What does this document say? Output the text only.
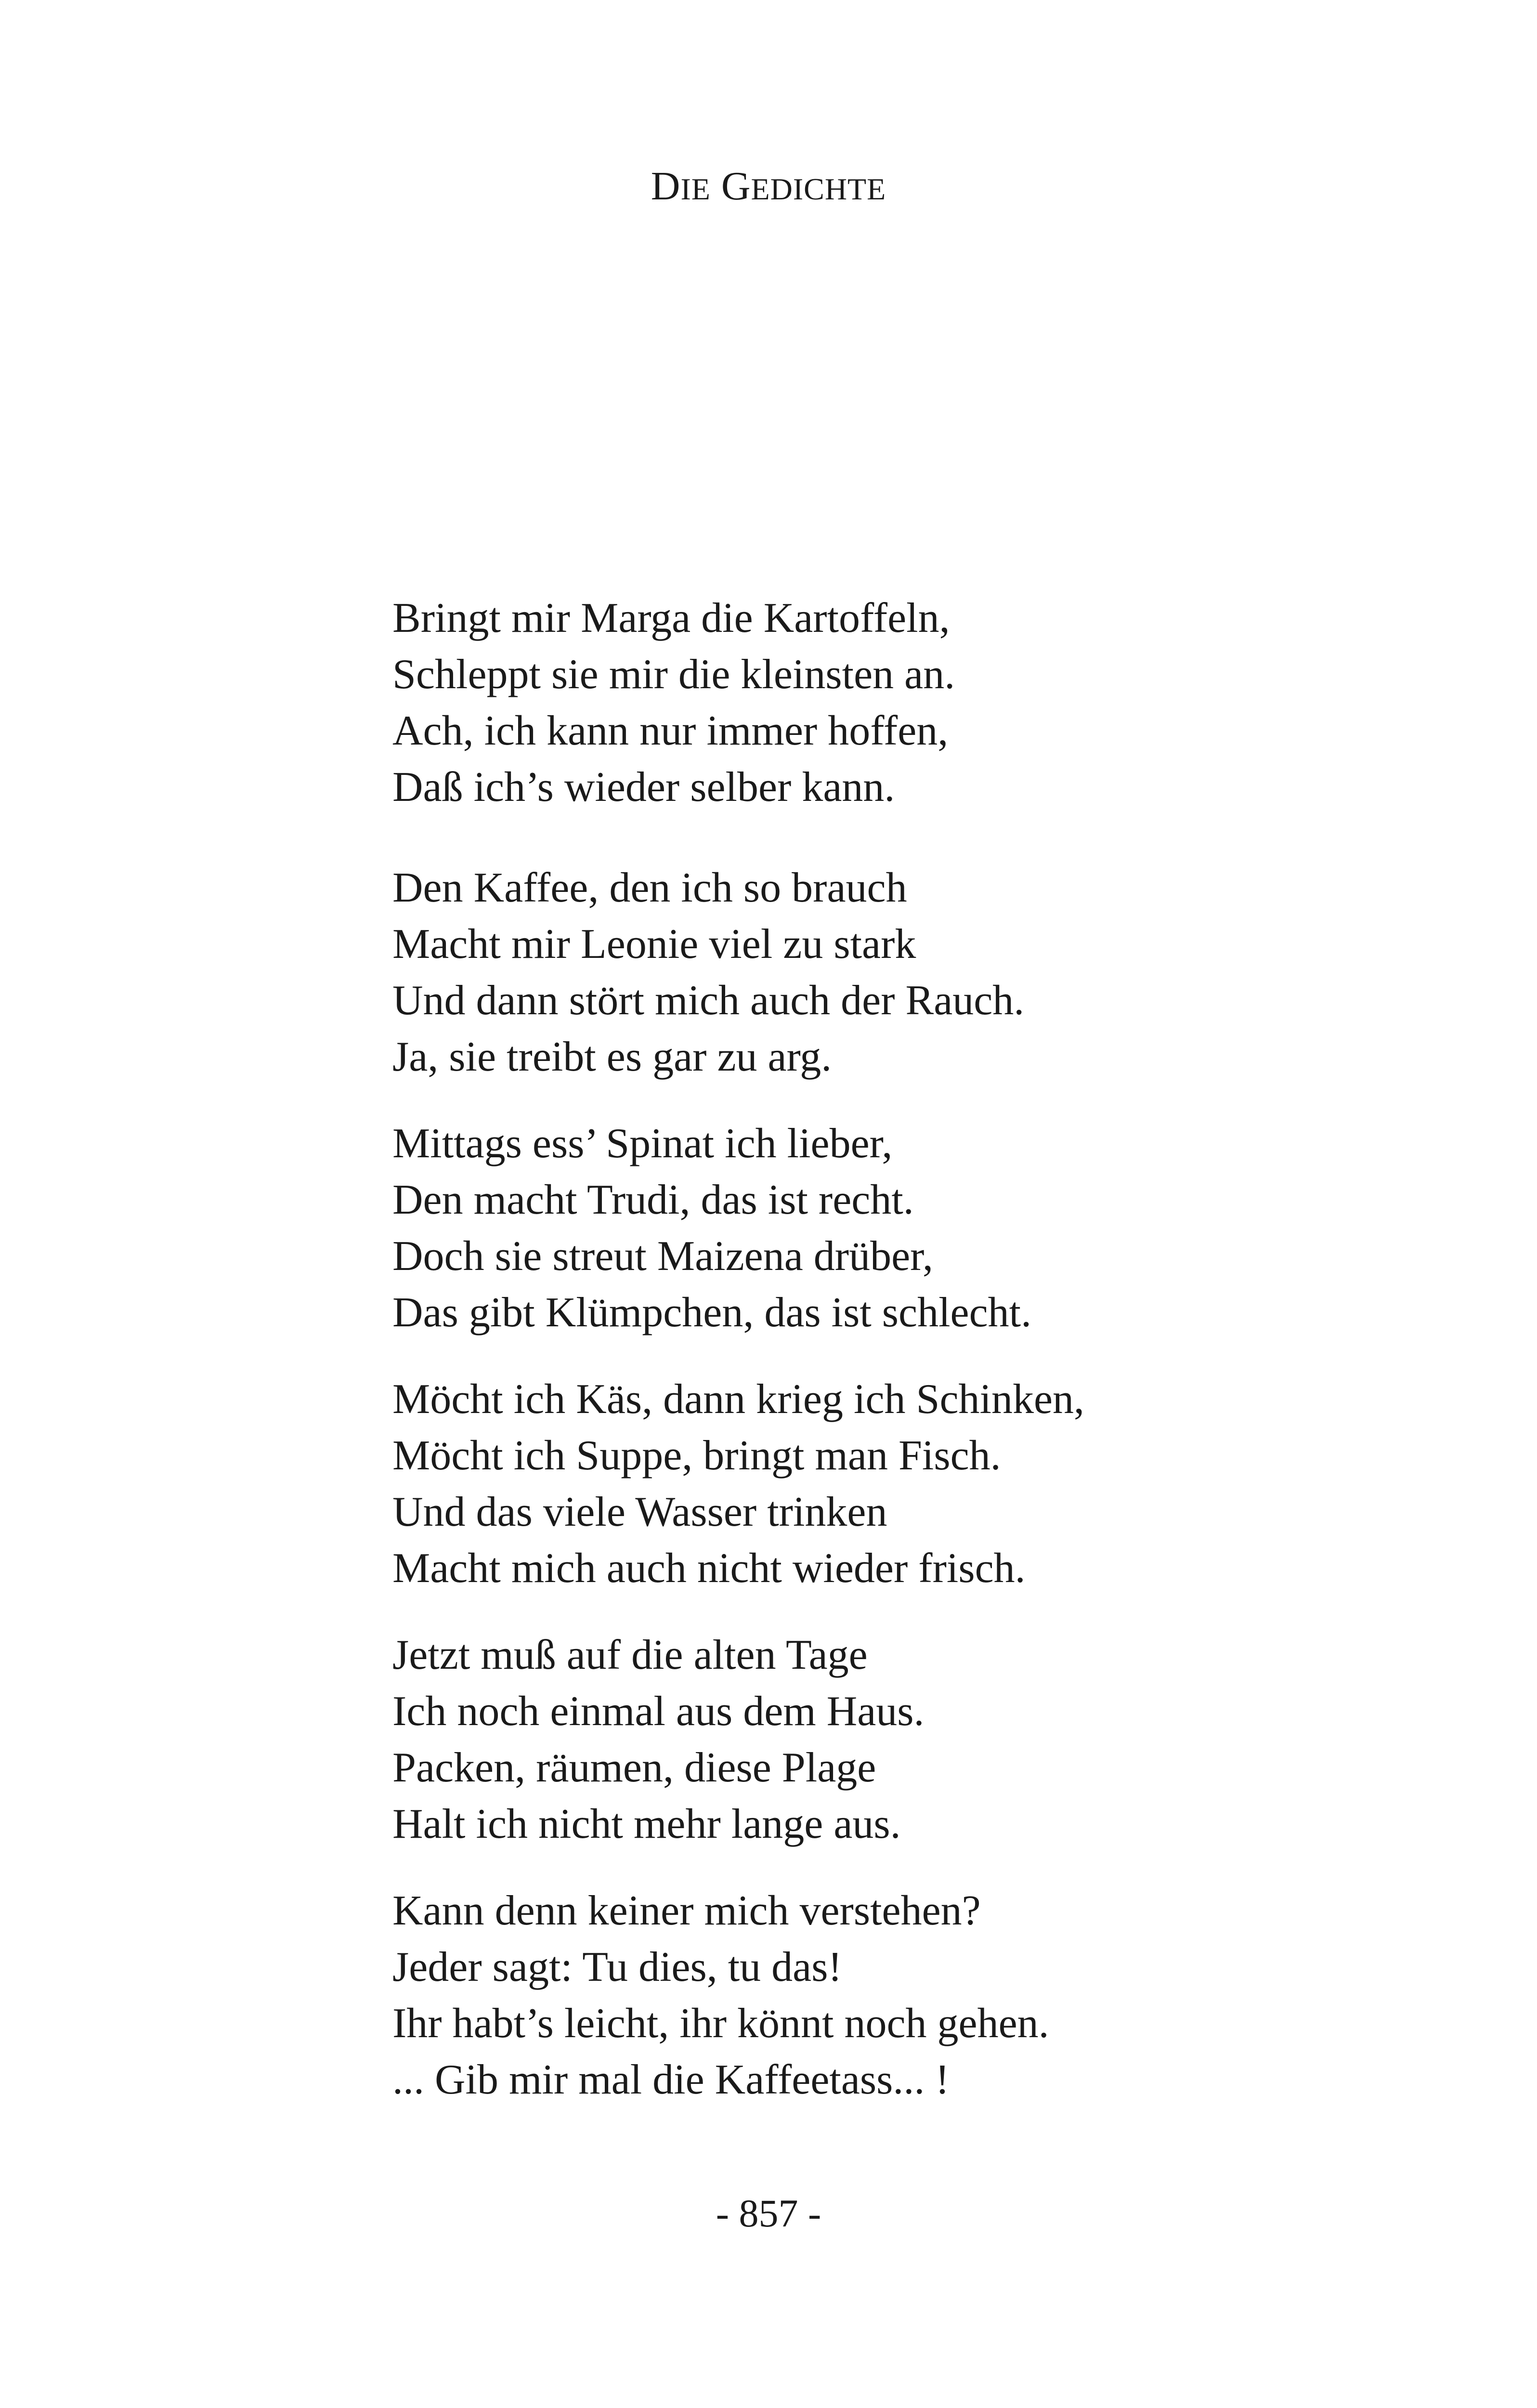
DIE GEDICHTE
Bringt mir Marga die Kartoffeln,
Schleppt sie mir die kleinsten an.
Ach, ich kann nur immer hoffen,
Daß ich’s wieder selber kann.
Den Kaffee, den ich so brauch
Macht mir Leonie viel zu stark
Und dann stört mich auch der Rauch.
Ja, sie treibt es gar zu arg.
Mittags ess’ Spinat ich lieber,
Den macht Trudi, das ist recht.
Doch sie streut Maizena drüber,
Das gibt Klümpchen, das ist schlecht.
Möcht ich Käs, dann krieg ich Schinken,
Möcht ich Suppe, bringt man Fisch.
Und das viele Wasser trinken
Macht mich auch nicht wieder frisch.
Jetzt muß auf die alten Tage
Ich noch einmal aus dem Haus.
Packen, räumen, diese Plage
Halt ich nicht mehr lange aus.
Kann denn keiner mich verstehen?
Jeder sagt: Tu dies, tu das!
Ihr habt’s leicht, ihr könnt noch gehen.
... Gib mir mal die Kaffeetass... !
- 857 -
